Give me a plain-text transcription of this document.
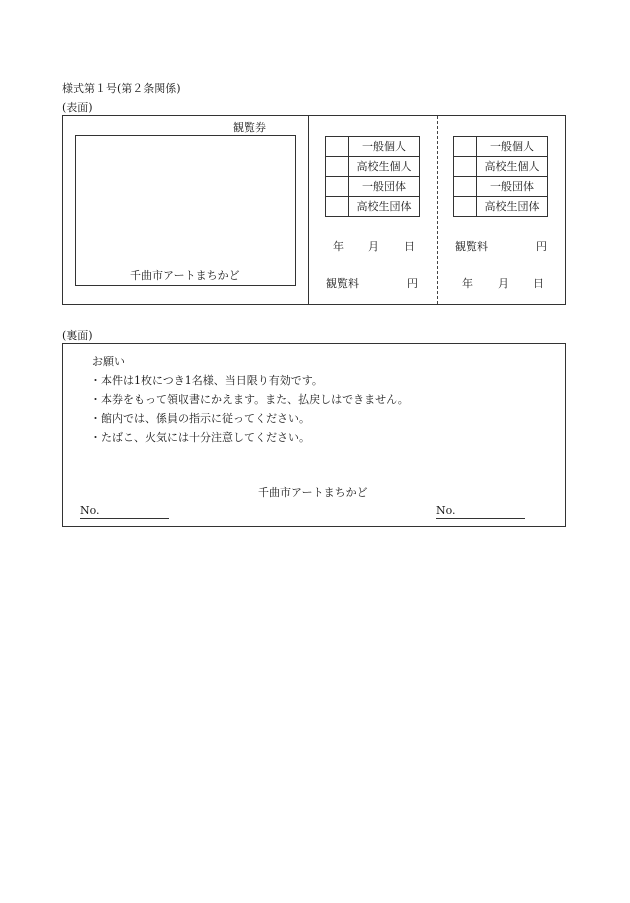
様式第１号(第２条関係)
(表面)
観覧券
千曲市アートまちかど
	一般個人
	高校生個人
	一般団体
	高校生団体
年 月 日
観覧料	円
	一般個人
	高校生個人
	一般団体
	高校生団体
観覧料	円
年 月 日
(裏面)
お願い
・本件は1枚につき1名様、当日限り有効です。
・本券をもって領収書にかえます。また、払戻しはできません。
・館内では、係員の指示に従ってください。
・たばこ、火気には十分注意してください。
千曲市アートまちかど
No.	No.
